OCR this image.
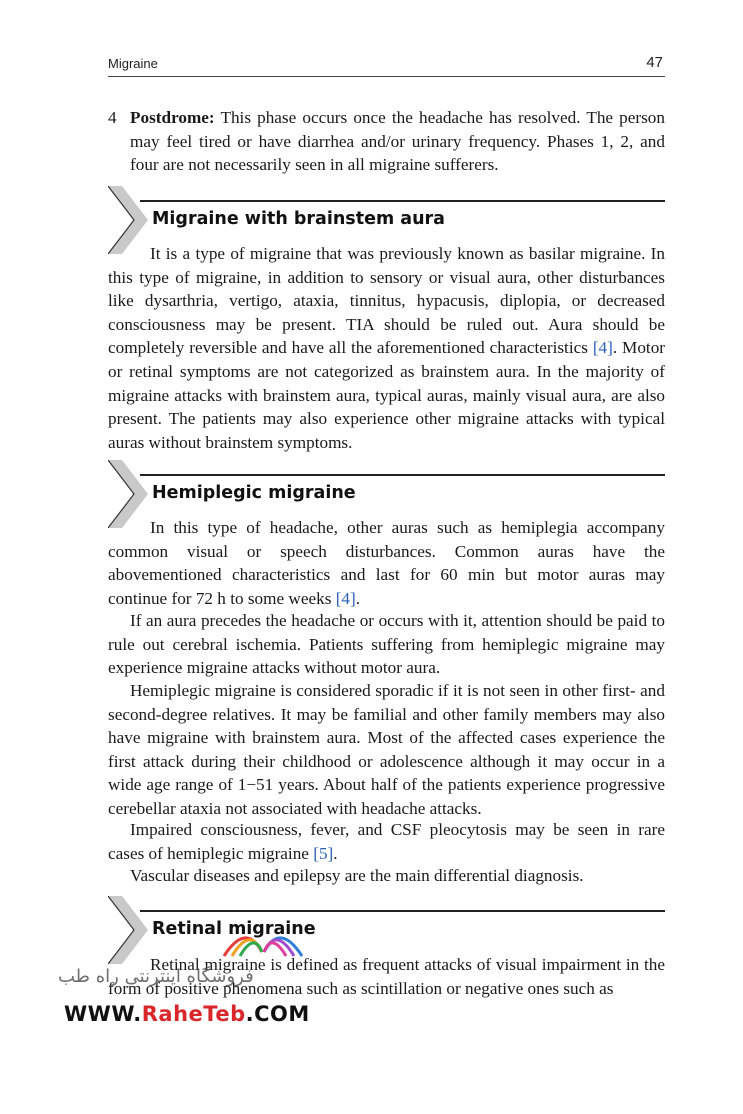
Migraine	47
4 Postdrome: This phase occurs once the headache has resolved. The person may feel tired or have diarrhea and/or urinary frequency. Phases 1, 2, and four are not necessarily seen in all migraine sufferers.
Migraine with brainstem aura

It is a type of migraine that was previously known as basilar migraine. In this type of migraine, in addition to sensory or visual aura, other disturbances like dysarthria, vertigo, ataxia, tinnitus, hypacusis, diplopia, or decreased consciousness may be present. TIA should be ruled out. Aura should be completely reversible and have all the aforementioned characteristics [4]. Motor or retinal symptoms are not categorized as brainstem aura. In the majority of migraine attacks with brainstem aura, typical auras, mainly visual aura, are also present. The patients may also experience other migraine attacks with typical auras without brainstem symptoms.

Hemiplegic migraine

In this type of headache, other auras such as hemiplegia accompany common visual or speech disturbances. Common auras have the abovementioned characteristics and last for 60 min but motor auras may continue for 72 h to some weeks [4].

If an aura precedes the headache or occurs with it, attention should be paid to rule out cerebral ischemia. Patients suffering from hemiplegic migraine may experience migraine attacks without motor aura.

Hemiplegic migraine is considered sporadic if it is not seen in other first- and second-degree relatives. It may be familial and other family members may also have migraine with brainstem aura. Most of the affected cases experience the first attack during their childhood or adolescence although it may occur in a wide age range of 1−51 years. About half of the patients experience progressive cerebellar ataxia not associated with headache attacks.

Impaired consciousness, fever, and CSF pleocytosis may be seen in rare cases of hemiplegic migraine [5].

Vascular diseases and epilepsy are the main differential diagnosis.

Retinal migraine

Retinal migraine is defined as frequent attacks of visual impairment in the form of positive phenomena such as scintillation or negative ones such as

فروشگاه اینترنتی راه طب
WWW.RaheTeb.COM
